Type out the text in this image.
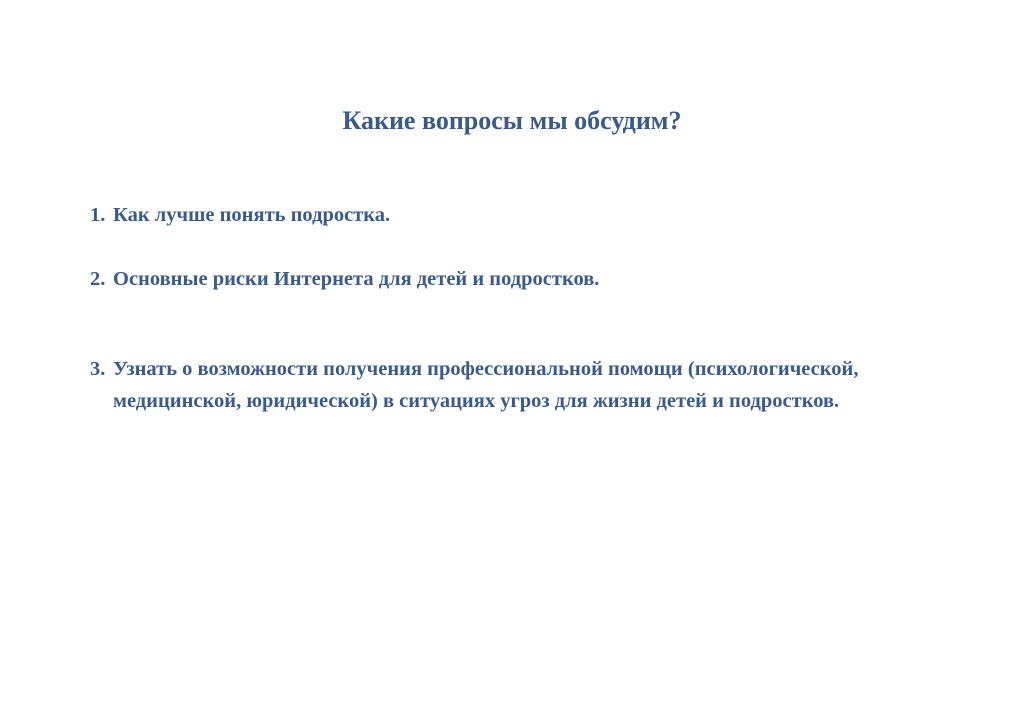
Какие вопросы мы обсудим?
1. Как лучше понять подростка.
2. Основные риски Интернета для детей и подростков.
3. Узнать о возможности получения профессиональной помощи (психологической, медицинской, юридической) в ситуациях угроз для жизни детей и подростков.
